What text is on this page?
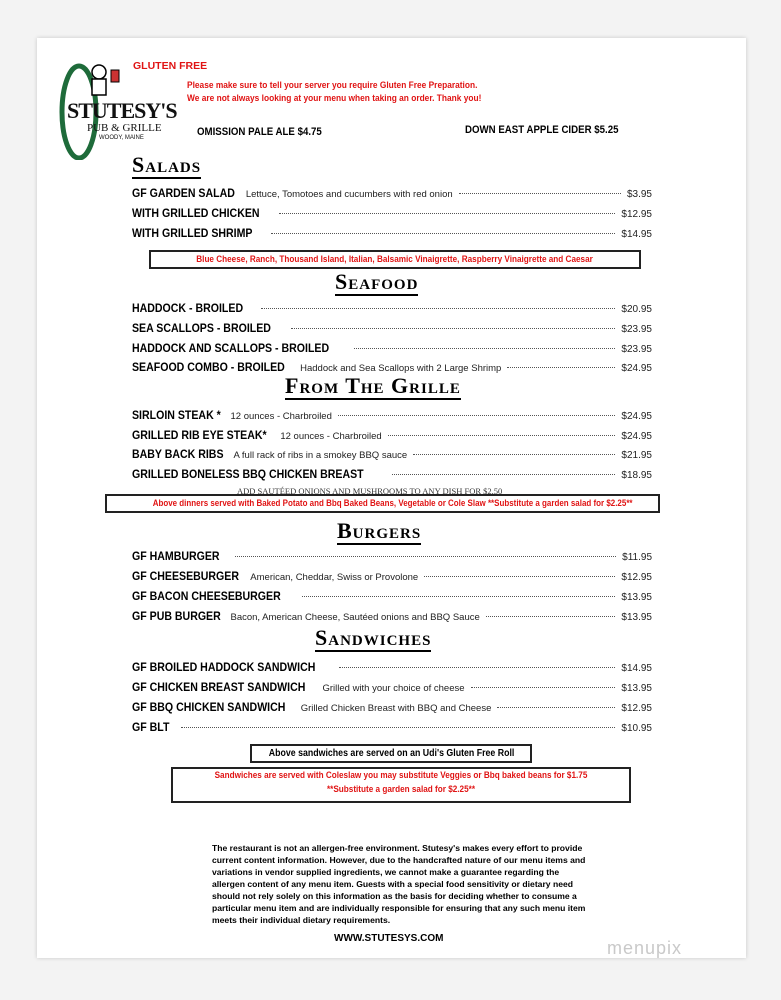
STUTESY'S
PUB & GRILLE
WOODY, MAINE
GLUTEN FREE
Please make sure to tell your server you require Gluten Free Preparation.
We are not always looking at your menu when taking an order. Thank you!
OMISSION PALE ALE $4.75	DOWN EAST APPLE CIDER $5.25
Salads
GF GARDEN SALAD Lettuce, Tomotoes and cucumbers with red onion	$3.95
WITH GRILLED CHICKEN	$12.95
WITH GRILLED SHRIMP	$14.95
Blue Cheese, Ranch, Thousand Island, Italian, Balsamic Vinaigrette, Raspberry Vinaigrette and Caesar
Seafood
HADDOCK - BROILED	$20.95
SEA SCALLOPS - BROILED	$23.95
HADDOCK AND SCALLOPS - BROILED	$23.95
SEAFOOD COMBO - BROILED Haddock and Sea Scallops with 2 Large Shrimp	$24.95
From The Grille
SIRLOIN STEAK * 12 ounces - Charbroiled	$24.95
GRILLED RIB EYE STEAK* 12 ounces - Charbroiled	$24.95
BABY BACK RIBS A full rack of ribs in a smokey BBQ sauce	$21.95
GRILLED BONELESS BBQ CHICKEN BREAST	$18.95
ADD SAUTÉED ONIONS AND MUSHROOMS TO ANY DISH FOR $2.50
Above dinners served with Baked Potato and Bbq Baked Beans, Vegetable or Cole Slaw **Substitute a garden salad for $2.25**
Burgers
GF HAMBURGER	$11.95
GF CHEESEBURGER American, Cheddar, Swiss or Provolone	$12.95
GF BACON CHEESEBURGER	$13.95
GF PUB BURGER Bacon, American Cheese, Sautéed onions and BBQ Sauce	$13.95
Sandwiches
GF BROILED HADDOCK SANDWICH	$14.95
GF CHICKEN BREAST SANDWICH Grilled with your choice of cheese	$13.95
GF BBQ CHICKEN SANDWICH Grilled Chicken Breast with BBQ and Cheese	$12.95
GF BLT	$10.95
Above sandwiches are served on an Udi's Gluten Free Roll
Sandwiches are served with Coleslaw you may substitute Veggies or Bbq baked beans for $1.75
**Substitute a garden salad for $2.25**
The restaurant is not an allergen-free environment. Stutesy's makes every effort to provide current content information. However, due to the handcrafted nature of our menu items and variations in vendor supplied ingredients, we cannot make a guarantee regarding the allergen content of any menu item. Guests with a special food sensitivity or dietary need should not rely solely on this information as the basis for deciding whether to consume a particular menu item and are individually responsible for ensuring that any such menu item meets their individual dietary requirements.
WWW.STUTESYS.COM	menupix
